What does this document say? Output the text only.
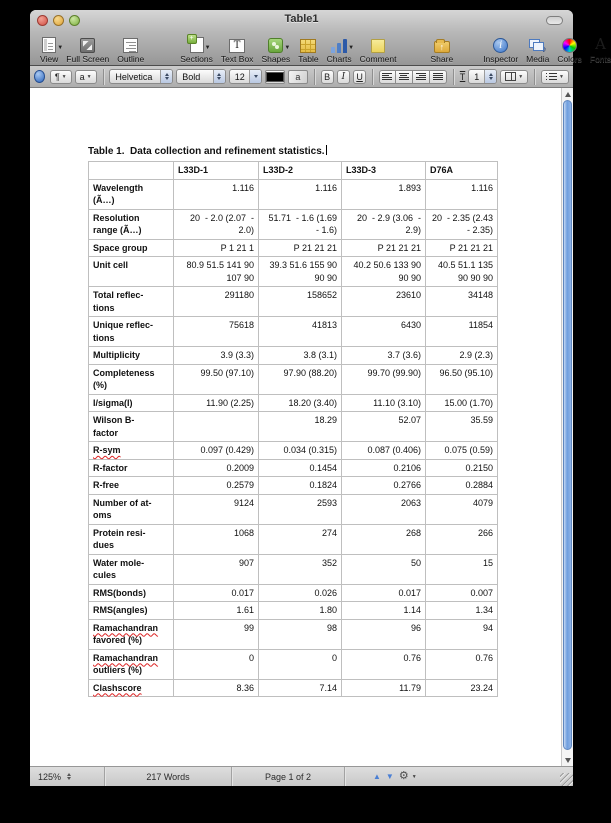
Table1
▼
View Full Screen Outline
+
▼
Sections
T
Text Box
▼
Shapes Table
▼
Charts Comment
↑	Share
i
Inspector
♪
Media Colors
A
Fonts
¶ ▼ a ▼	Helvetica	Bold	12	a	B	I	U	T	1	▼	▼
Table 1.  Data collection and refinement statistics.
	L33D-1	L33D-2	L33D-3	D76A
Wavelength
(Ã…)	1.116	1.116	1.893	1.116
Resolution
range (Ã…)	20  - 2.0 (2.07  - 2.0)	51.71  - 1.6 (1.69  - 1.6)	20  - 2.9 (3.06  - 2.9)	20  - 2.35 (2.43  - 2.35)
Space group	P 1 21 1	P 21 21 21	P 21 21 21	P 21 21 21
Unit cell	80.9 51.5 141 90 107 90	39.3 51.6 155 90 90 90	40.2 50.6 133 90 90 90	40.5 51.1 135 90 90 90
Total reflec-
tions	291180	158652	23610	34148
Unique reflec-
tions	75618	41813	6430	11854
Multiplicity	3.9 (3.3)	3.8 (3.1)	3.7 (3.6)	2.9 (2.3)
Completeness
(%)	99.50 (97.10)	97.90 (88.20)	99.70 (99.90)	96.50 (95.10)
I/sigma(I)	11.90 (2.25)	18.20 (3.40)	11.10 (3.10)	15.00 (1.70)
Wilson B-
factor		18.29	52.07	35.59
R-sym	0.097 (0.429)	0.034 (0.315)	0.087 (0.406)	0.075 (0.59)
R-factor	0.2009	0.1454	0.2106	0.2150
R-free	0.2579	0.1824	0.2766	0.2884
Number of at-
oms	9124	2593	2063	4079
Protein resi-
dues	1068	274	268	266
Water mole-
cules	907	352	50	15
RMS(bonds)	0.017	0.026	0.017	0.007
RMS(angles)	1.61	1.80	1.14	1.34
Ramachandran
favored (%)	99	98	96	94
Ramachandran
outliers (%)	0	0	0.76	0.76
Clashscore	8.36	7.14	11.79	23.24
125%	217 Words	Page 1 of 2	▲ ▼ ⚙ ▼
